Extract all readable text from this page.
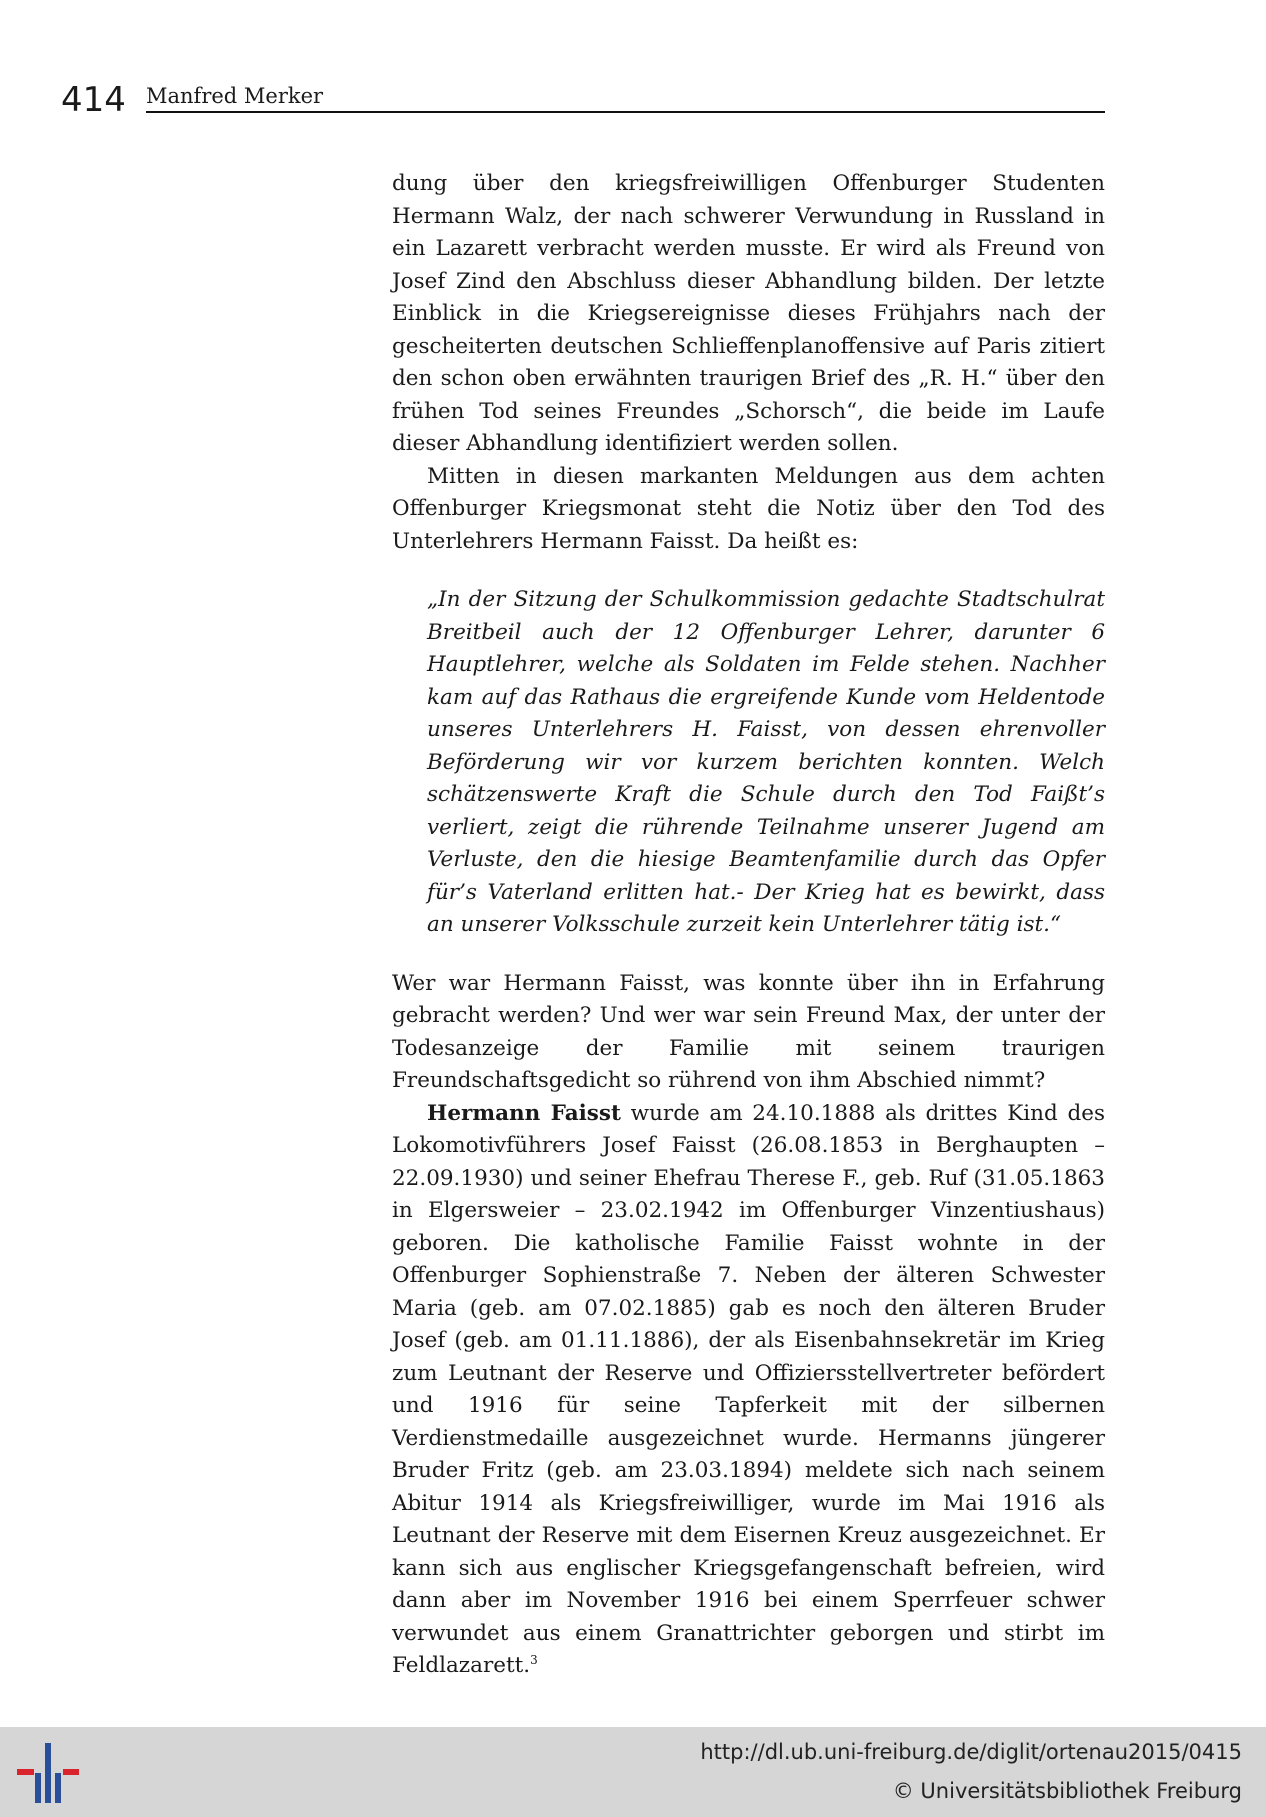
414 Manfred Merker

dung über den kriegsfreiwilligen Offenburger Studenten Hermann Walz, der nach schwerer Verwundung in Russland in ein Lazarett verbracht werden musste. Er wird als Freund von Josef Zind den Abschluss dieser Abhandlung bilden. Der letzte Einblick in die Kriegsereignisse dieses Frühjahrs nach der gescheiterten deutschen Schlieffenplanoffensive auf Paris zitiert den schon oben erwähnten traurigen Brief des „R. H.“ über den frühen Tod seines Freundes „Schorsch“, die beide im Laufe dieser Abhandlung identifiziert werden sollen.

Mitten in diesen markanten Meldungen aus dem achten Offenburger Kriegsmonat steht die Notiz über den Tod des Unterlehrers Hermann Faisst. Da heißt es:

„In der Sitzung der Schulkommission gedachte Stadtschulrat Breitbeil auch der 12 Offenburger Lehrer, darunter 6 Hauptlehrer, welche als Soldaten im Felde stehen. Nachher kam auf das Rathaus die ergreifende Kunde vom Heldentode unseres Unterlehrers H. Faisst, von dessen ehrenvoller Beförderung wir vor kurzem berichten konnten. Welch schätzenswerte Kraft die Schule durch den Tod Faißt’s verliert, zeigt die rührende Teilnahme unserer Jugend am Verluste, den die hiesige Beamtenfamilie durch das Opfer für’s Vaterland erlitten hat.- Der Krieg hat es bewirkt, dass an unserer Volksschule zurzeit kein Unterlehrer tätig ist.“

Wer war Hermann Faisst, was konnte über ihn in Erfahrung gebracht werden? Und wer war sein Freund Max, der unter der Todesanzeige der Familie mit seinem traurigen Freundschaftsgedicht so rührend von ihm Abschied nimmt?

Hermann Faisst wurde am 24.10.1888 als drittes Kind des Lokomotivführers Josef Faisst (26.08.1853 in Berghaupten – 22.09.1930) und seiner Ehefrau Therese F., geb. Ruf (31.05.1863 in Elgersweier – 23.02.1942 im Offenburger Vinzentiushaus) geboren. Die katholische Familie Faisst wohnte in der Offenburger Sophienstraße 7. Neben der älteren Schwester Maria (geb. am 07.02.1885) gab es noch den älteren Bruder Josef (geb. am 01.11.1886), der als Eisenbahnsekretär im Krieg zum Leutnant der Reserve und Offiziersstellvertreter befördert und 1916 für seine Tapferkeit mit der silbernen Verdienstmedaille ausgezeichnet wurde. Hermanns jüngerer Bruder Fritz (geb. am 23.03.1894) meldete sich nach seinem Abitur 1914 als Kriegsfreiwilliger, wurde im Mai 1916 als Leutnant der Reserve mit dem Eisernen Kreuz ausgezeichnet. Er kann sich aus englischer Kriegsgefangenschaft befreien, wird dann aber im November 1916 bei einem Sperrfeuer schwer verwundet aus einem Granattrichter geborgen und stirbt im Feldlazarett.$^3$

http://dl.ub.uni-freiburg.de/diglit/ortenau2015/0415
© Universitätsbibliothek Freiburg
